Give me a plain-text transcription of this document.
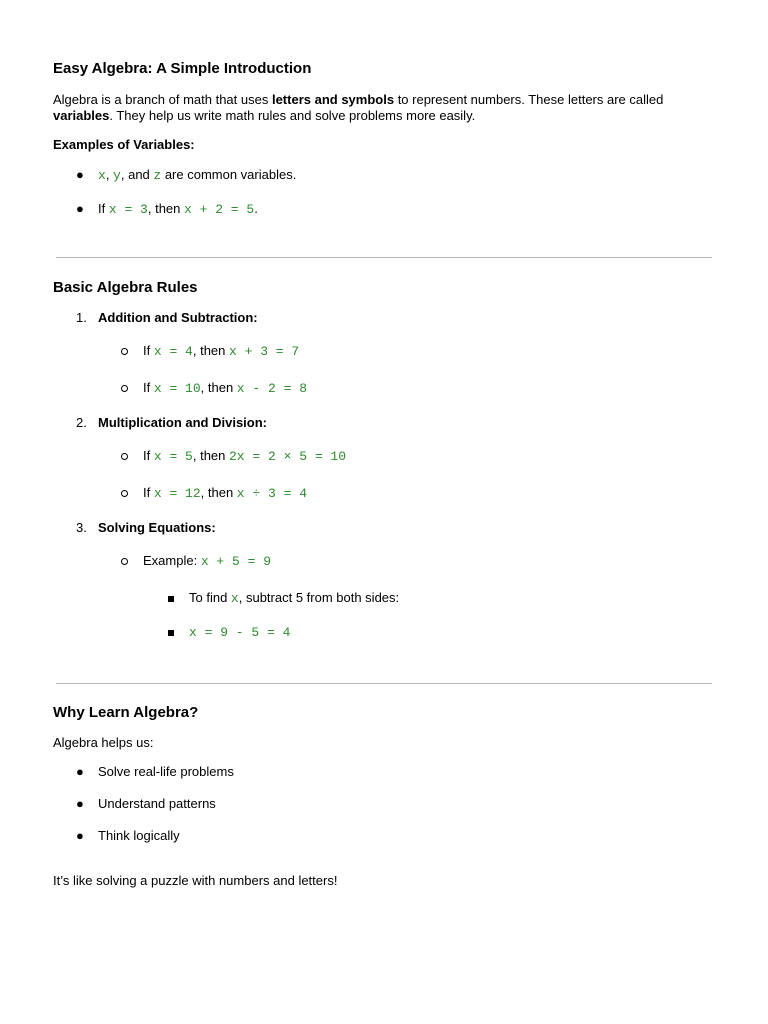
Easy Algebra: A Simple Introduction
Algebra is a branch of math that uses letters and symbols to represent numbers. These letters are called
variables. They help us write math rules and solve problems more easily.
Examples of Variables:
● x, y, and z are common variables.
● If x = 3, then x + 2 = 5.
Basic Algebra Rules
1. Addition and Subtraction:
If x = 4, then x + 3 = 7
If x = 10, then x - 2 = 8
2. Multiplication and Division:
If x = 5, then 2x = 2 × 5 = 10
If x = 12, then x ÷ 3 = 4
3. Solving Equations:
Example: x + 5 = 9
To find x, subtract 5 from both sides:
x = 9 - 5 = 4
Why Learn Algebra?
Algebra helps us:
● Solve real-life problems
● Understand patterns
● Think logically
It’s like solving a puzzle with numbers and letters!
